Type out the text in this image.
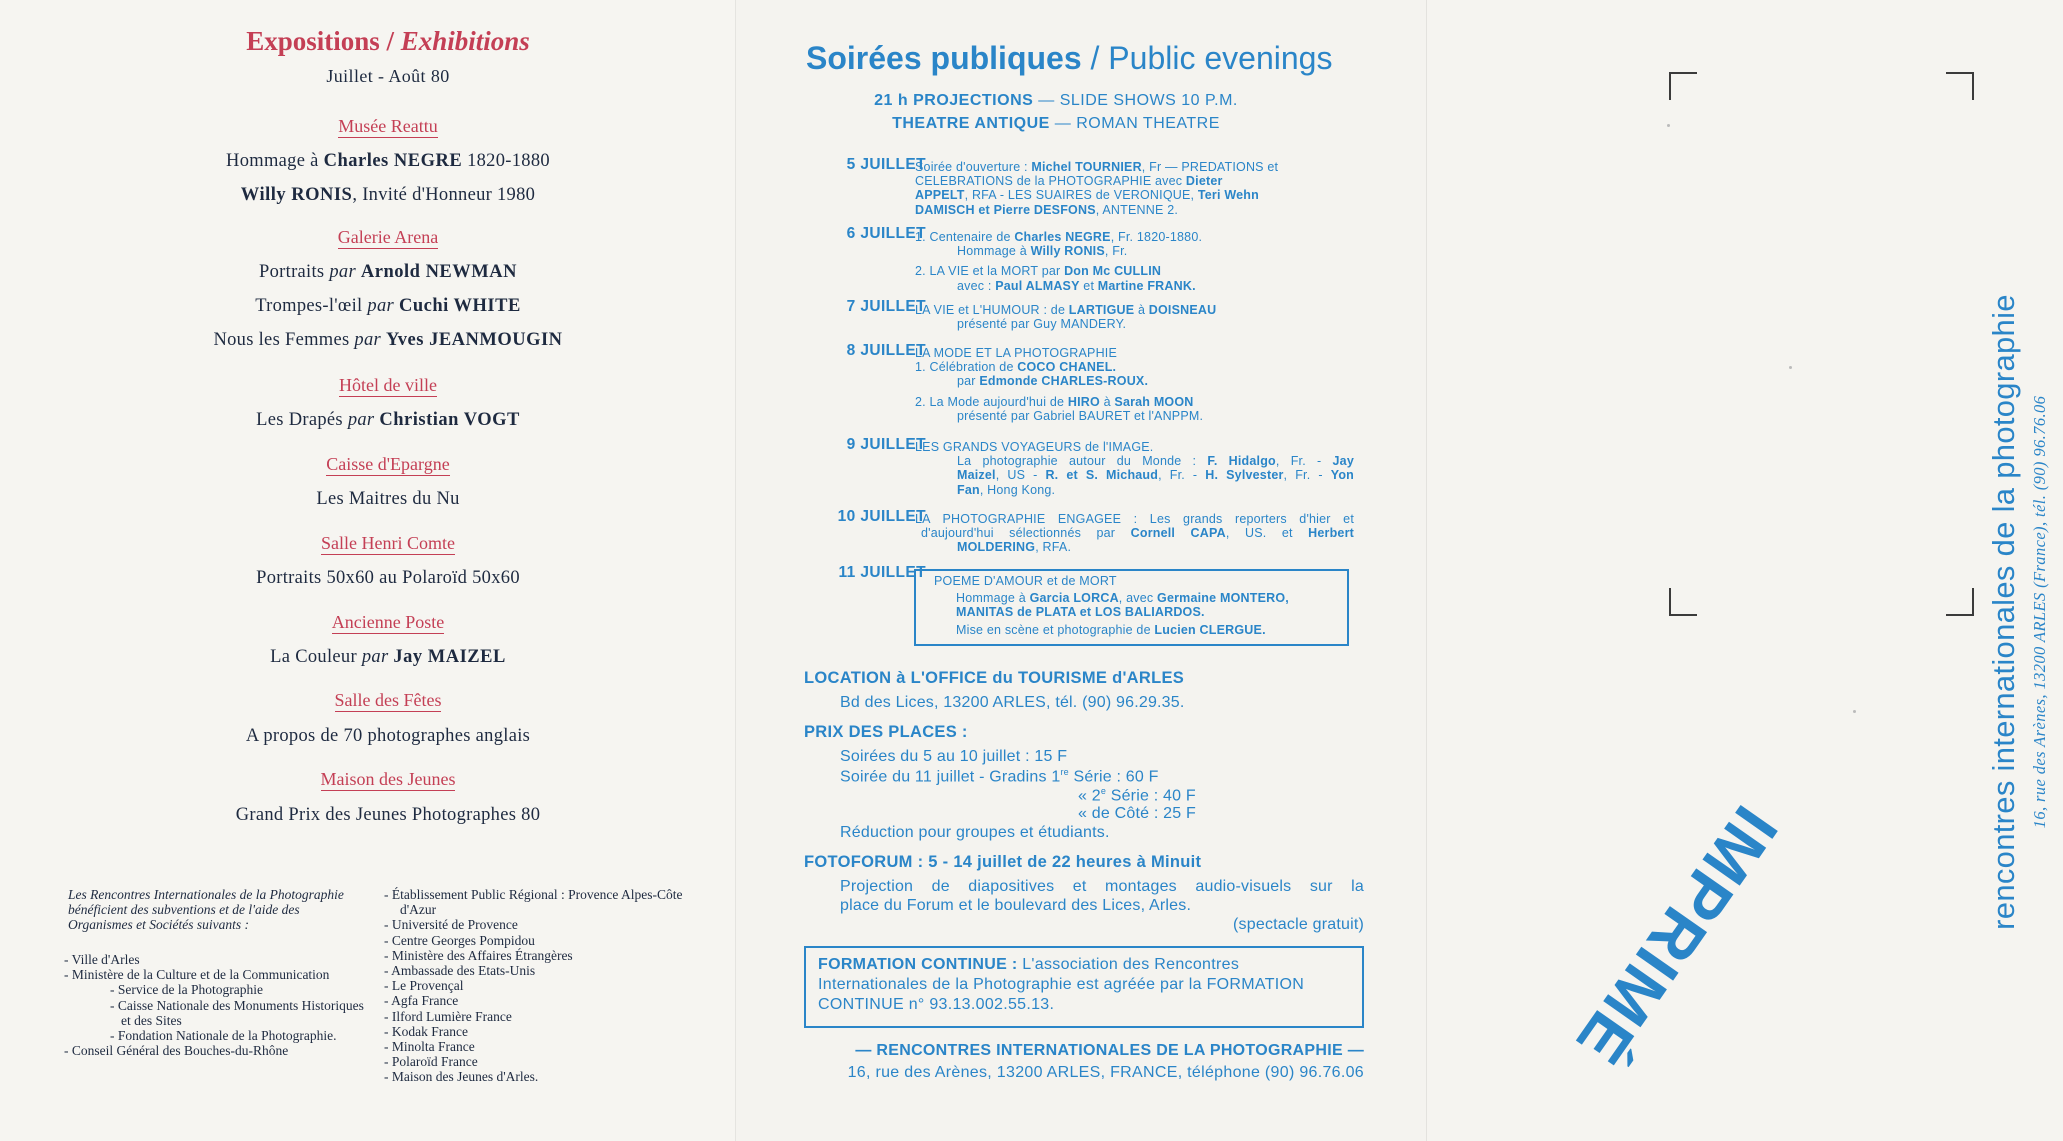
Expositions / Exhibitions
Juillet - Août 80
Musée Reattu
Hommage à Charles NEGRE 1820-1880
Willy RONIS, Invité d'Honneur 1980
Galerie Arena
Portraits par Arnold NEWMAN
Trompes-l'œil par Cuchi WHITE
Nous les Femmes par Yves JEANMOUGIN
Hôtel de ville
Les Drapés par Christian VOGT
Caisse d'Epargne
Les Maitres du Nu
Salle Henri Comte
Portraits 50x60 au Polaroïd 50x60
Ancienne Poste
La Couleur par Jay MAIZEL
Salle des Fêtes
A propos de 70 photographes anglais
Maison des Jeunes
Grand Prix des Jeunes Photographes 80
Les Rencontres Internationales de la Photographie bénéficient des subventions et de l'aide des Organismes et Sociétés suivants :
- Ville d'Arles
- Ministère de la Culture et de la Communication
- Service de la Photographie
- Caisse Nationale des Monuments Historiques et des Sites
- Fondation Nationale de la Photographie.
- Conseil Général des Bouches-du-Rhône
- Établissement Public Régional : Provence Alpes-Côte d'Azur
- Université de Provence
- Centre Georges Pompidou
- Ministère des Affaires Étrangères
- Ambassade des Etats-Unis
- Le Provençal
- Agfa France
- Ilford Lumière France
- Kodak France
- Minolta France
- Polaroïd France
- Maison des Jeunes d'Arles.
Soirées publiques / Public evenings
21 h PROJECTIONS — SLIDE SHOWS 10 P.M.
THEATRE ANTIQUE — ROMAN THEATRE
5 JUILLET
6 JUILLET
7 JUILLET
8 JUILLET
9 JUILLET
10 JUILLET
11 JUILLET
Soirée d'ouverture : Michel TOURNIER, Fr — PREDATIONS et
CELEBRATIONS de la PHOTOGRAPHIE avec Dieter
APPELT, RFA - LES SUAIRES de VERONIQUE, Teri Wehn
DAMISCH et Pierre DESFONS, ANTENNE 2.
1. Centenaire de Charles NEGRE, Fr. 1820-1880.
Hommage à Willy RONIS, Fr.
2. LA VIE et la MORT par Don Mc CULLIN
avec : Paul ALMASY et Martine FRANK.
LA VIE et L'HUMOUR : de LARTIGUE à DOISNEAU
présenté par Guy MANDERY.
LA MODE ET LA PHOTOGRAPHIE
1. Célébration de COCO CHANEL.
par Edmonde CHARLES-ROUX.
2. La Mode aujourd'hui de HIRO à Sarah MOON
présenté par Gabriel BAURET et l'ANPPM.
LES GRANDS VOYAGEURS de l'IMAGE.
La photographie autour du Monde : F. Hidalgo, Fr. - Jay
Maizel, US - R. et S. Michaud, Fr. - H. Sylvester, Fr. - Yon
Fan, Hong Kong.
LA PHOTOGRAPHIE ENGAGEE : Les grands reporters d'hier et
d'aujourd'hui sélectionnés par Cornell CAPA, US. et Herbert
MOLDERING, RFA.
POEME D'AMOUR et de MORT
Hommage à Garcia LORCA, avec Germaine MONTERO,
MANITAS de PLATA et LOS BALIARDOS.
Mise en scène et photographie de Lucien CLERGUE.
LOCATION à L'OFFICE du TOURISME d'ARLES
Bd des Lices, 13200 ARLES, tél. (90) 96.29.35.
PRIX DES PLACES :
Soirées du 5 au 10 juillet : 15 F
Soirée du 11 juillet - Gradins 1re Série : 60 F
« 2e Série : 40 F
« de Côté : 25 F
Réduction pour groupes et étudiants.
FOTOFORUM : 5 - 14 juillet de 22 heures à Minuit
Projection de diapositives et montages audio-visuels sur la
place du Forum et le boulevard des Lices, Arles.
(spectacle gratuit)
FORMATION CONTINUE : L'association des Rencontres Internationales de la Photographie est agréée par la FORMATION CONTINUE n° 93.13.002.55.13.
— RENCONTRES INTERNATIONALES DE LA PHOTOGRAPHIE —
16, rue des Arènes, 13200 ARLES, FRANCE, téléphone (90) 96.76.06	IMPRIMÉ
rencontres internationales de la photographie 16, rue des Arènes, 13200 ARLES (France), tél. (90) 96.76.06
